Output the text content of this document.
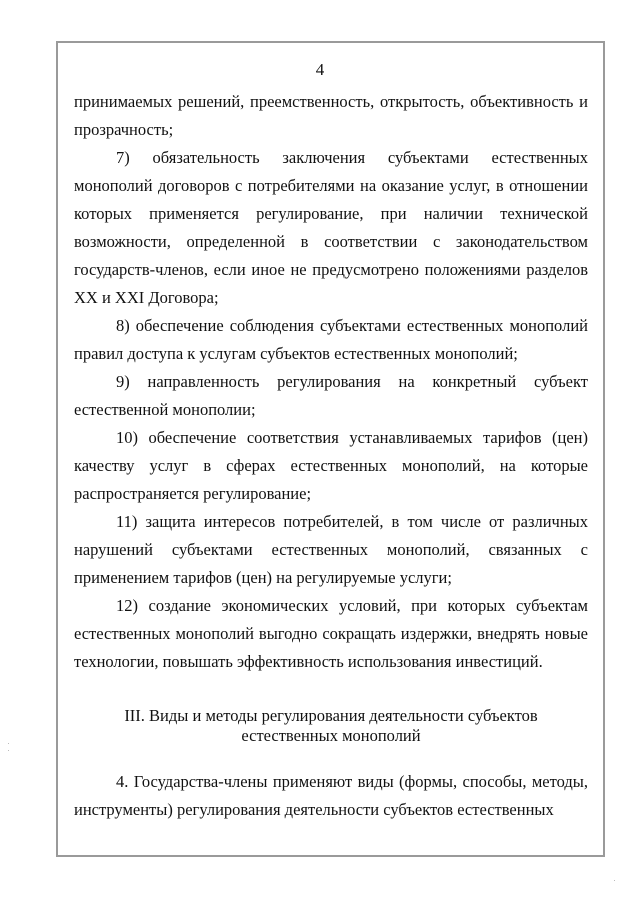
4

принимаемых решений, преемственность, открытость, объективность и прозрачность;

7) обязательность заключения субъектами естественных монополий договоров с потребителями на оказание услуг, в отношении которых применяется регулирование, при наличии технической возможности, определенной в соответствии с законодательством государств-членов, если иное не предусмотрено положениями разделов XX и XXI Договора;

8) обеспечение соблюдения субъектами естественных монополий правил доступа к услугам субъектов естественных монополий;

9) направленность регулирования на конкретный субъект естественной монополии;

10) обеспечение соответствия устанавливаемых тарифов (цен) качеству услуг в сферах естественных монополий, на которые распространяется регулирование;

11) защита интересов потребителей, в том числе от различных нарушений субъектами естественных монополий, связанных с применением тарифов (цен) на регулируемые услуги;

12) создание экономических условий, при которых субъектам естественных монополий выгодно сокращать издержки, внедрять новые технологии, повышать эффективность использования инвестиций.

III. Виды и методы регулирования деятельности субъектов
естественных монополий

4. Государства-члены применяют виды (формы, способы, методы, инструменты) регулирования деятельности субъектов естественных
